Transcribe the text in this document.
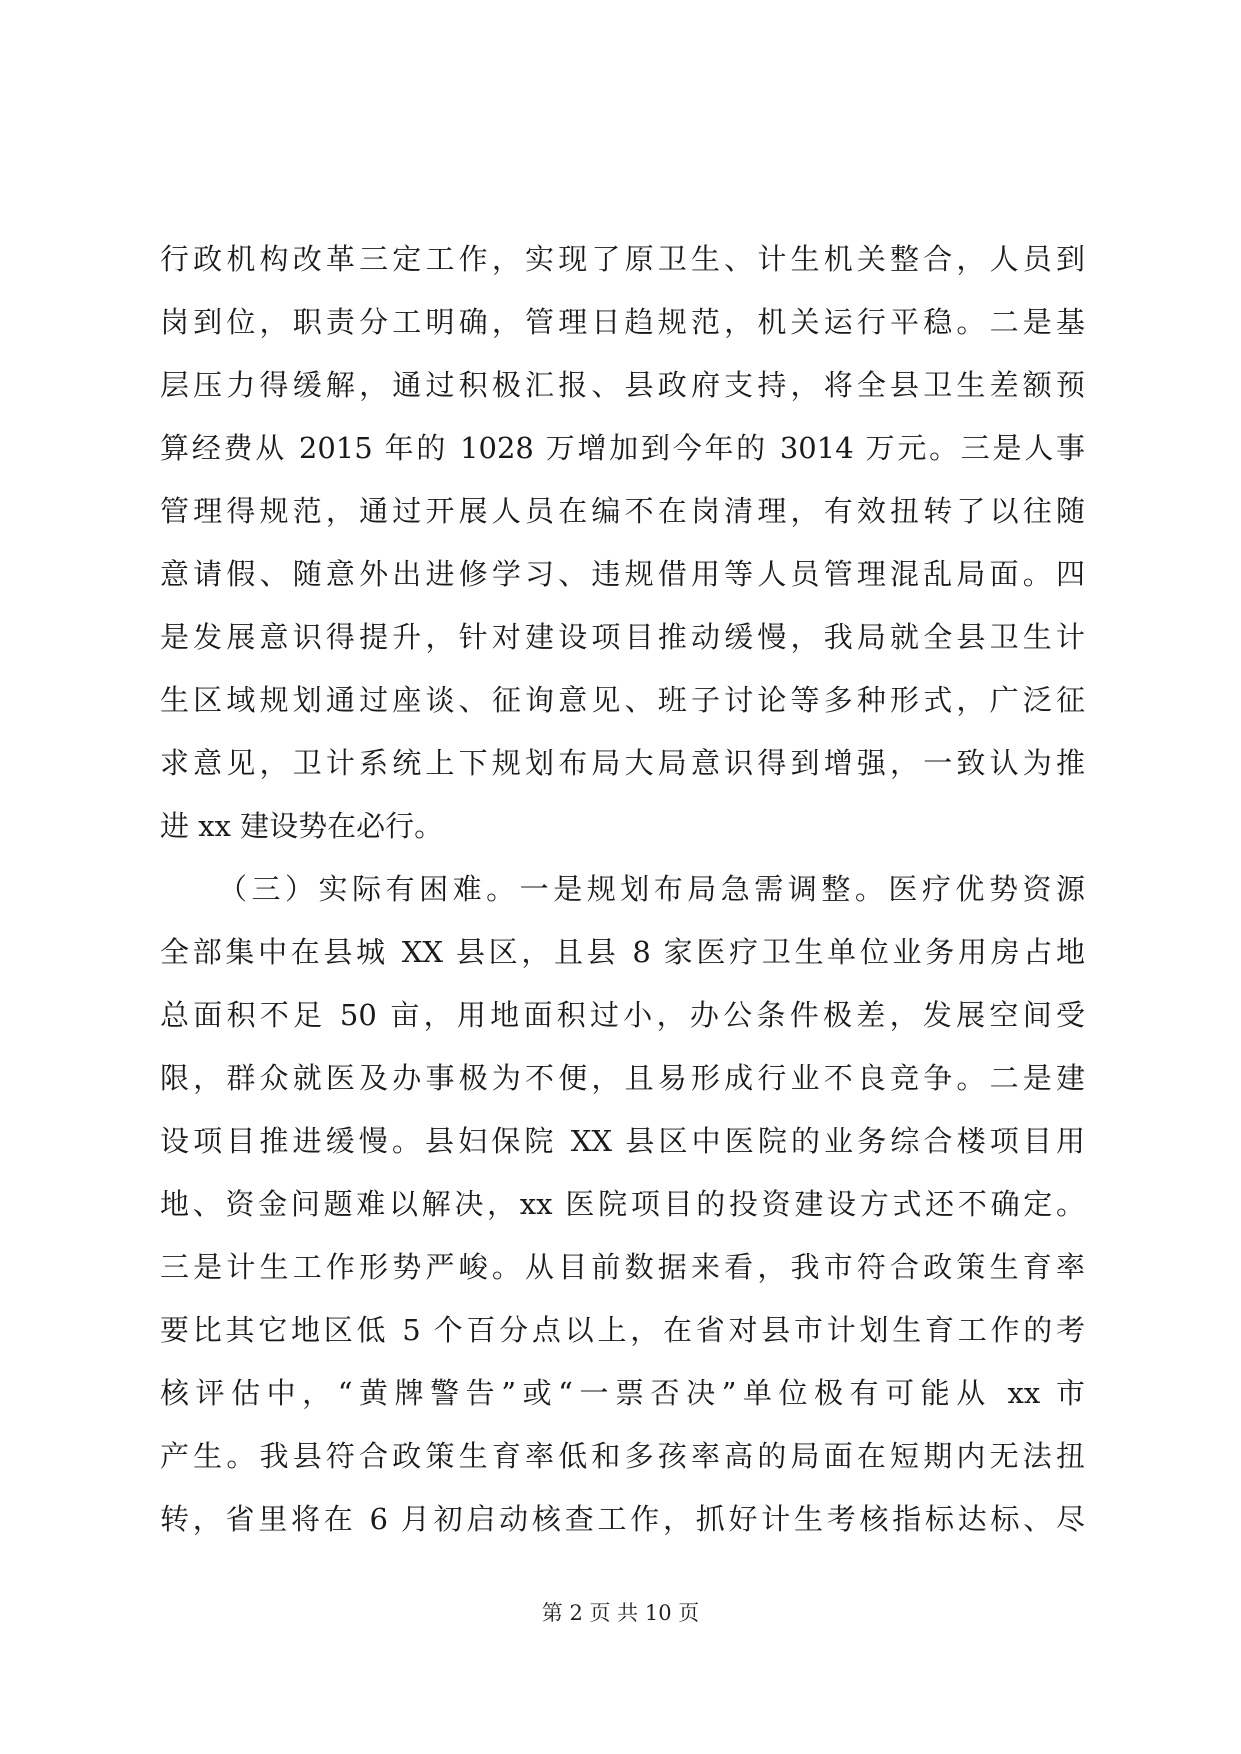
行政机构改革三定工作，实现了原卫生、计生机关整合，人员到
岗到位，职责分工明确，管理日趋规范，机关运行平稳。二是基
层压力得缓解，通过积极汇报、县政府支持，将全县卫生差额预
算经费从 2015 年的 1028 万增加到今年的 3014 万元。三是人事
管理得规范，通过开展人员在编不在岗清理，有效扭转了以往随
意请假、随意外出进修学习、违规借用等人员管理混乱局面。四
是发展意识得提升，针对建设项目推动缓慢，我局就全县卫生计
生区域规划通过座谈、征询意见、班子讨论等多种形式，广泛征
求意见，卫计系统上下规划布局大局意识得到增强，一致认为推
进 xx 建设势在必行。
（三）实际有困难。一是规划布局急需调整。医疗优势资源
全部集中在县城 XX 县区，且县 8 家医疗卫生单位业务用房占地
总面积不足 50 亩，用地面积过小，办公条件极差，发展空间受
限，群众就医及办事极为不便，且易形成行业不良竞争。二是建
设项目推进缓慢。县妇保院 XX 县区中医院的业务综合楼项目用
地、资金问题难以解决，xx 医院项目的投资建设方式还不确定。
三是计生工作形势严峻。从目前数据来看，我市符合政策生育率
要比其它地区低 5 个百分点以上，在省对县市计划生育工作的考
核评估中，“黄牌警告”或“一票否决”单位极有可能从 xx 市
产生。我县符合政策生育率低和多孩率高的局面在短期内无法扭
转，省里将在 6 月初启动核查工作，抓好计生考核指标达标、尽
第 2 页 共 10 页
